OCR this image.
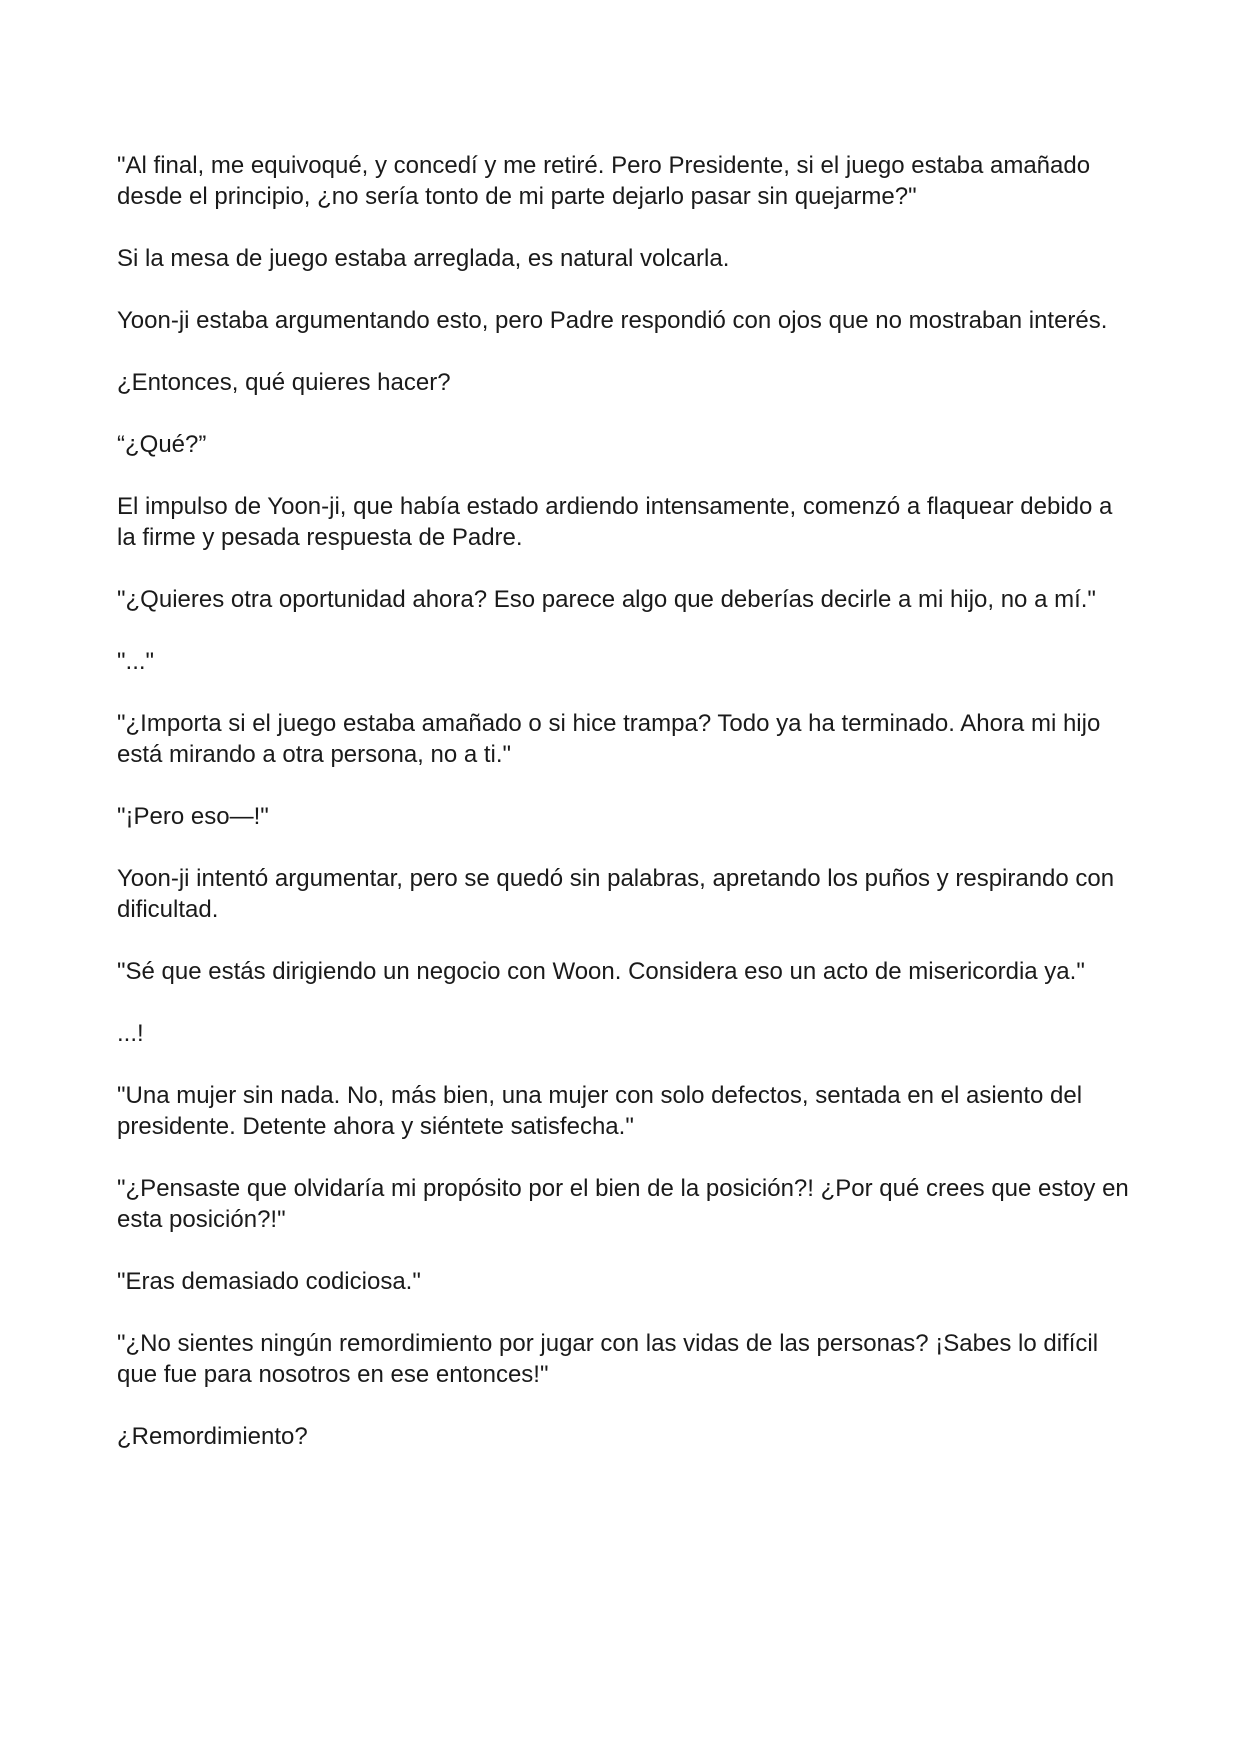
"Al final, me equivoqué, y concedí y me retiré. Pero Presidente, si el juego estaba amañado desde el principio, ¿no sería tonto de mi parte dejarlo pasar sin quejarme?"

Si la mesa de juego estaba arreglada, es natural volcarla.

Yoon-ji estaba argumentando esto, pero Padre respondió con ojos que no mostraban interés.

¿Entonces, qué quieres hacer?

“¿Qué?”

El impulso de Yoon-ji, que había estado ardiendo intensamente, comenzó a flaquear debido a la firme y pesada respuesta de Padre.

"¿Quieres otra oportunidad ahora? Eso parece algo que deberías decirle a mi hijo, no a mí."

"..."

"¿Importa si el juego estaba amañado o si hice trampa? Todo ya ha terminado. Ahora mi hijo está mirando a otra persona, no a ti."

"¡Pero eso—!"

Yoon-ji intentó argumentar, pero se quedó sin palabras, apretando los puños y respirando con dificultad.

"Sé que estás dirigiendo un negocio con Woon. Considera eso un acto de misericordia ya."

...!

"Una mujer sin nada. No, más bien, una mujer con solo defectos, sentada en el asiento del presidente. Detente ahora y siéntete satisfecha."

"¿Pensaste que olvidaría mi propósito por el bien de la posición?! ¿Por qué crees que estoy en esta posición?!"

"Eras demasiado codiciosa."

"¿No sientes ningún remordimiento por jugar con las vidas de las personas? ¡Sabes lo difícil que fue para nosotros en ese entonces!"

¿Remordimiento?
